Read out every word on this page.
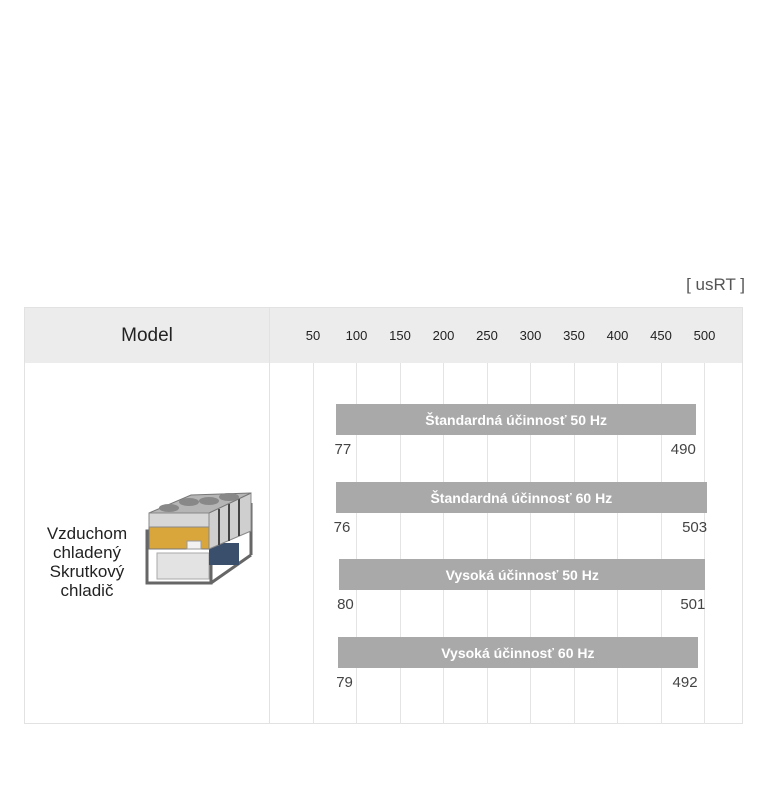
[ usRT ]
Model	50 100 150 200 250 300 350 400 450 500
Vzduchom
chladený
Skrutkový
chladič
Štandardná účinnosť 50 Hz
77	490
Štandardná účinnosť 60 Hz
76	503
Vysoká účinnosť 50 Hz
80	501
Vysoká účinnosť 60 Hz
79	492
